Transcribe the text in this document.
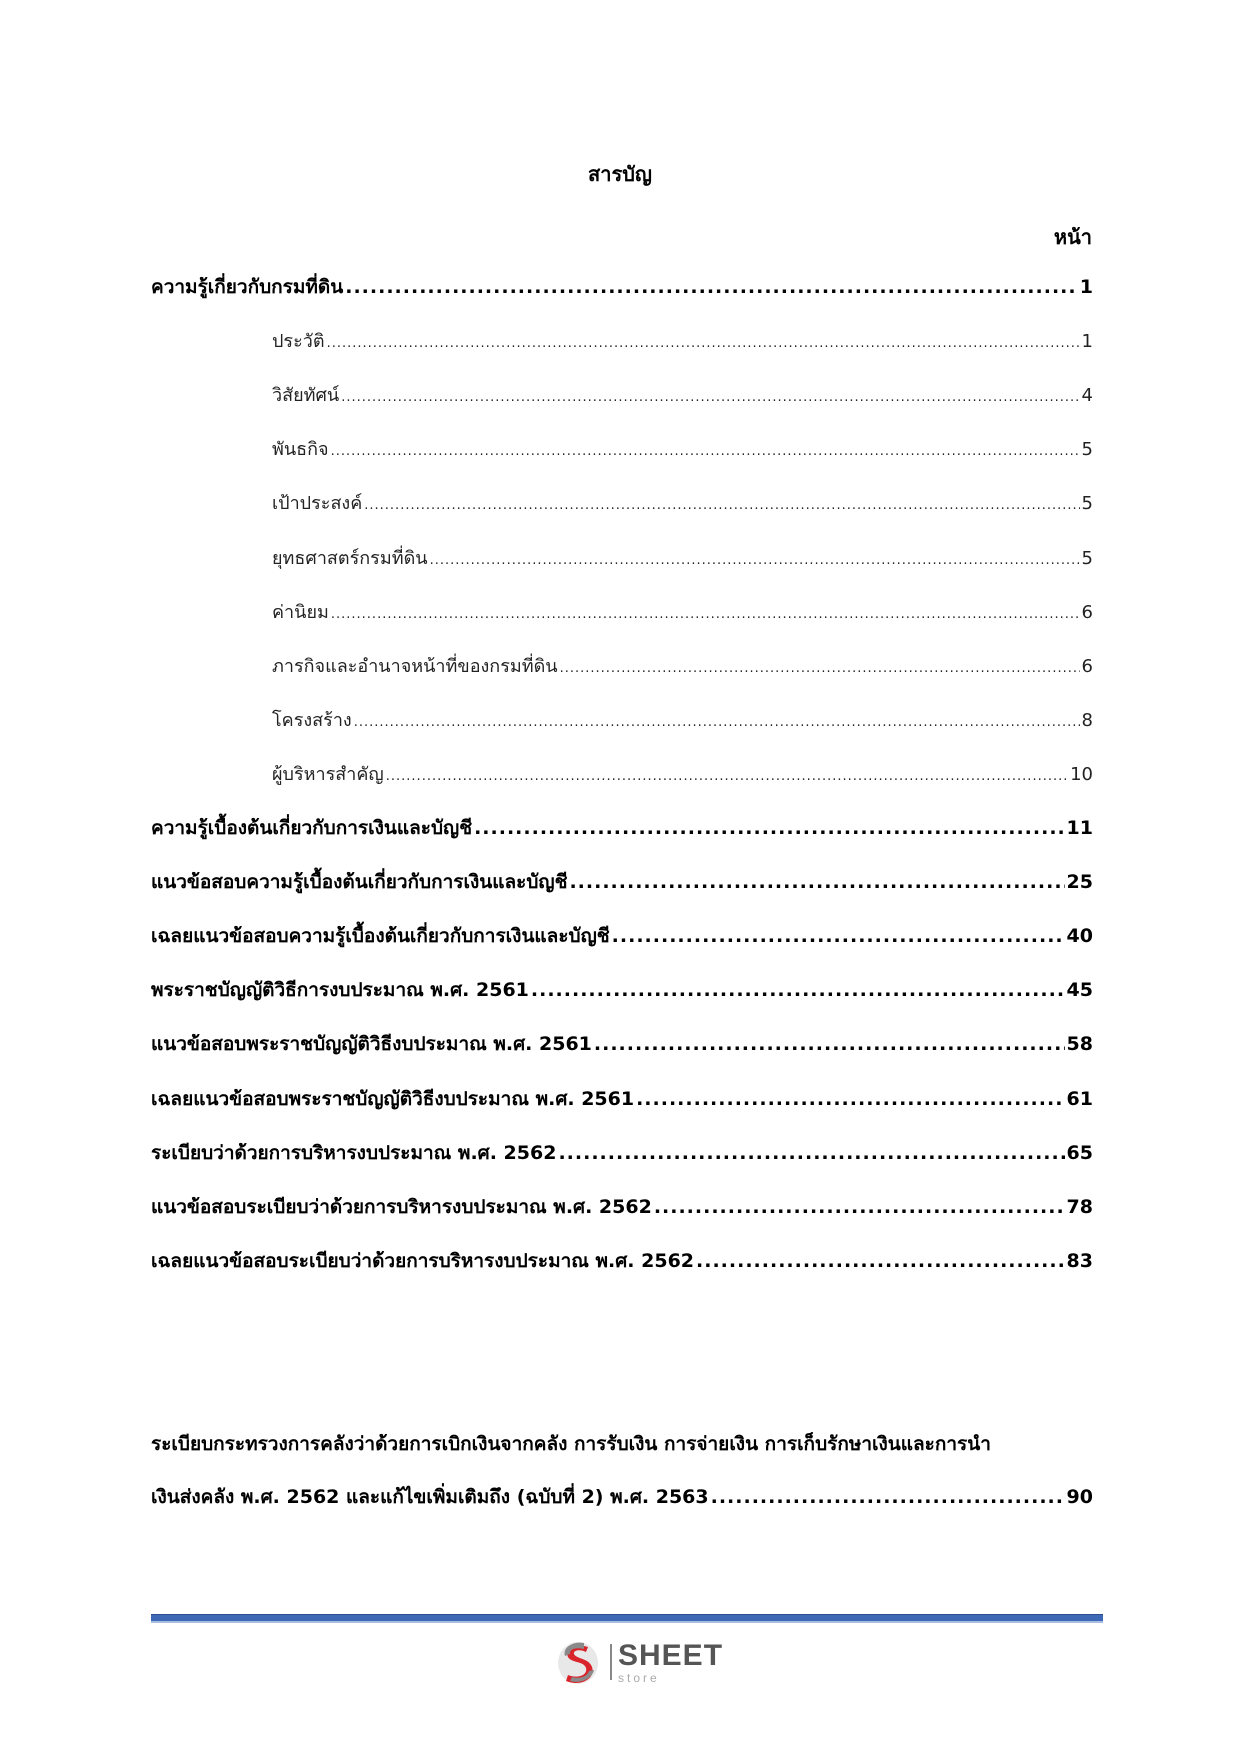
สารบัญ
หน้า
ความรู้เกี่ยวกับกรมที่ดิน .....	1
ประวัติ .....	1
วิสัยทัศน์ .....	4
พันธกิจ .....	5
เป้าประสงค์ .....	5
ยุทธศาสตร์กรมที่ดิน .....	5
ค่านิยม .....	6
ภารกิจและอำนาจหน้าที่ของกรมที่ดิน .....	6
โครงสร้าง .....	8
ผู้บริหารสำคัญ .....	10
ความรู้เบื้องต้นเกี่ยวกับการเงินและบัญชี .....	11
แนวข้อสอบความรู้เบื้องต้นเกี่ยวกับการเงินและบัญชี .....	25
เฉลยแนวข้อสอบความรู้เบื้องต้นเกี่ยวกับการเงินและบัญชี .....	40
พระราชบัญญัติวิธีการงบประมาณ พ.ศ. 2561 .....	45
แนวข้อสอบพระราชบัญญัติวิธีงบประมาณ พ.ศ. 2561 .....	58
เฉลยแนวข้อสอบพระราชบัญญัติวิธีงบประมาณ พ.ศ. 2561 .....	61
ระเบียบว่าด้วยการบริหารงบประมาณ พ.ศ. 2562 .....	65
แนวข้อสอบระเบียบว่าด้วยการบริหารงบประมาณ พ.ศ. 2562 .....	78
เฉลยแนวข้อสอบระเบียบว่าด้วยการบริหารงบประมาณ พ.ศ. 2562 .....	83
ระเบียบกระทรวงการคลังว่าด้วยการเบิกเงินจากคลัง การรับเงิน การจ่ายเงิน การเก็บรักษาเงินและการนำ
เงินส่งคลัง พ.ศ. 2562 และแก้ไขเพิ่มเติมถึง (ฉบับที่ 2) พ.ศ. 2563 .....	90
SHEET
store
